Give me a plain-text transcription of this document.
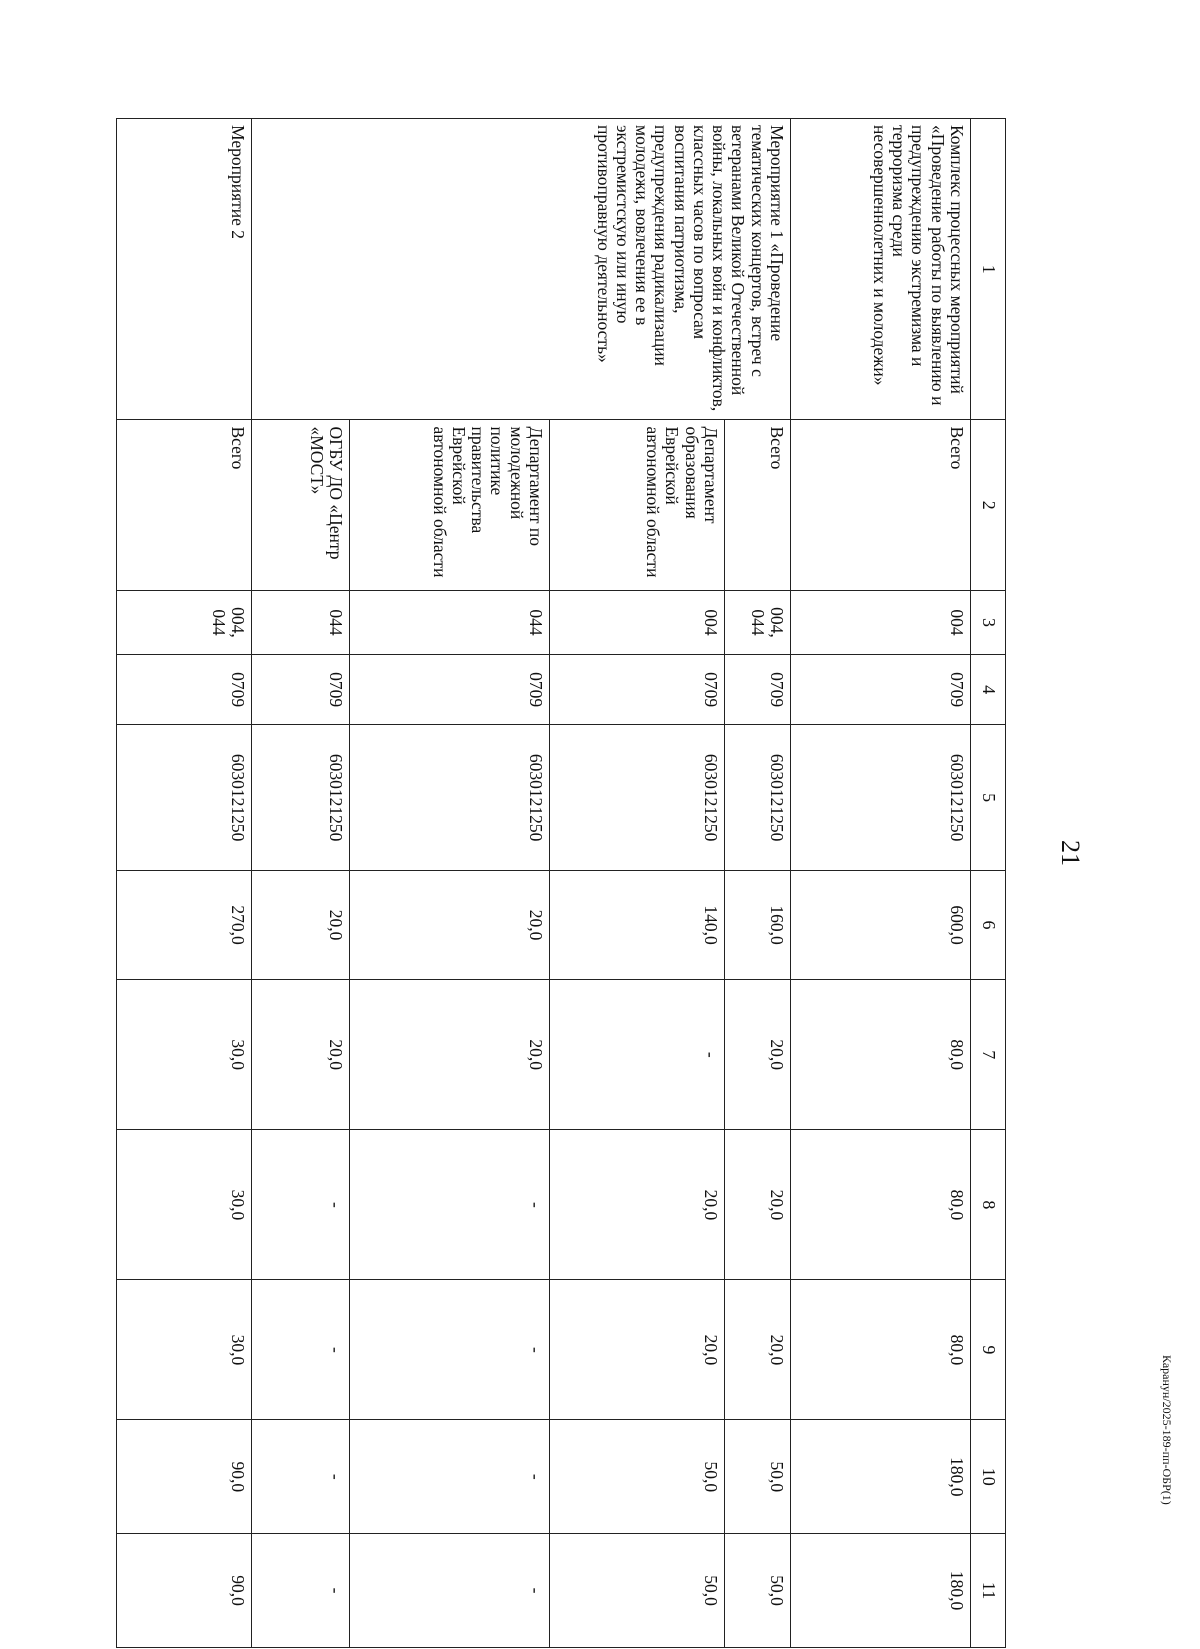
21
Каранун/2025-189-пп-ОБР(1)
1	2	3	4	5	6	7	8	9	10	11
Комплекс процессных мероприятий «Проведение работы по выявлению и предупреждению экстремизма и терроризма среди несовершеннолетних и молодежи»	Всего	004	0709	6030121250	600,0	80,0	80,0	80,0	180,0	180,0
Мероприятие 1 «Проведение тематических концертов, встреч с ветеранами Великой Отечественной войны, локальных войн и конфликтов, классных часов по вопросам воспитания патриотизма, предупреждения радикализации молодежи, вовлечения ее в экстремистскую или иную противоправную деятельность»	Всего	004, 044	0709	6030121250	160,0	20,0	20,0	20,0	50,0	50,0
	Департамент образования Еврейской автономной области	004	0709	6030121250	140,0	-	20,0	20,0	50,0	50,0
	Департамент по молодежной политике правительства Еврейской автономной области	044	0709	6030121250	20,0	20,0	-	-	-	-
	ОГБУ ДО «Центр «МОСТ»	044	0709	6030121250	20,0	20,0	-	-	-	-
Мероприятие 2	Всего	004, 044	0709	6030121250	270,0	30,0	30,0	30,0	90,0	90,0
